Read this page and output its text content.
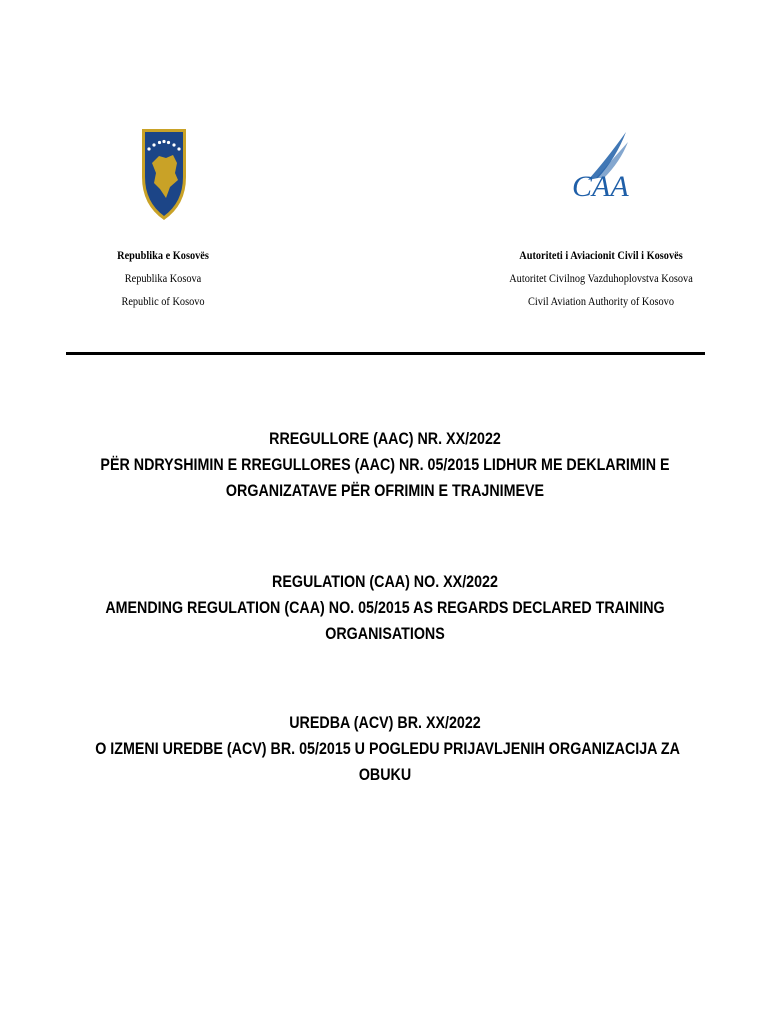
CAA
Republika e Kosovës
Republika Kosova
Republic of Kosovo
Autoriteti i Aviacionit Civil i Kosovës
Autoritet Civilnog Vazduhoplovstva Kosova
Civil Aviation Authority of Kosovo
RREGULLORE (AAC) NR. XX/2022
PËR NDRYSHIMIN E RREGULLORES (AAC) NR. 05/2015 LIDHUR ME DEKLARIMIN E
ORGANIZATAVE PËR OFRIMIN E TRAJNIMEVE
REGULATION (CAA) NO. XX/2022
AMENDING REGULATION (CAA) NO. 05/2015 AS REGARDS DECLARED TRAINING
ORGANISATIONS
UREDBA (ACV) BR. XX/2022
O IZMENI UREDBE (ACV) BR. 05/2015 U POGLEDU PRIJAVLJENIH ORGANIZACIJA ZA
OBUKU
